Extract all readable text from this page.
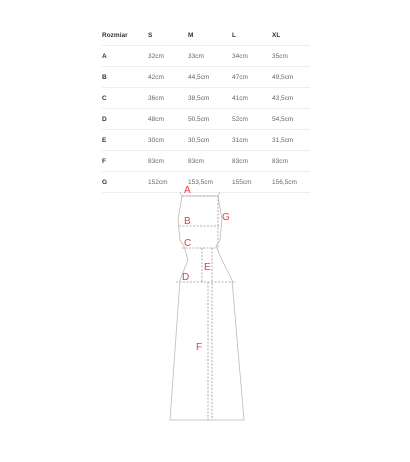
Rozmiar	S	M	L	XL
A	32cm	33cm	34cm	35cm
B	42cm	44,5cm	47cm	49,5cm
C	36cm	38,5cm	41cm	43,5cm
D	48cm	50,5cm	52cm	54,5cm
E	30cm	30,5cm	31cm	31,5cm
F	83cm	83cm	83cm	83cm
G	152cm	153,5cm	155cm	156,5cm
A
B	G
C
E
D
F
